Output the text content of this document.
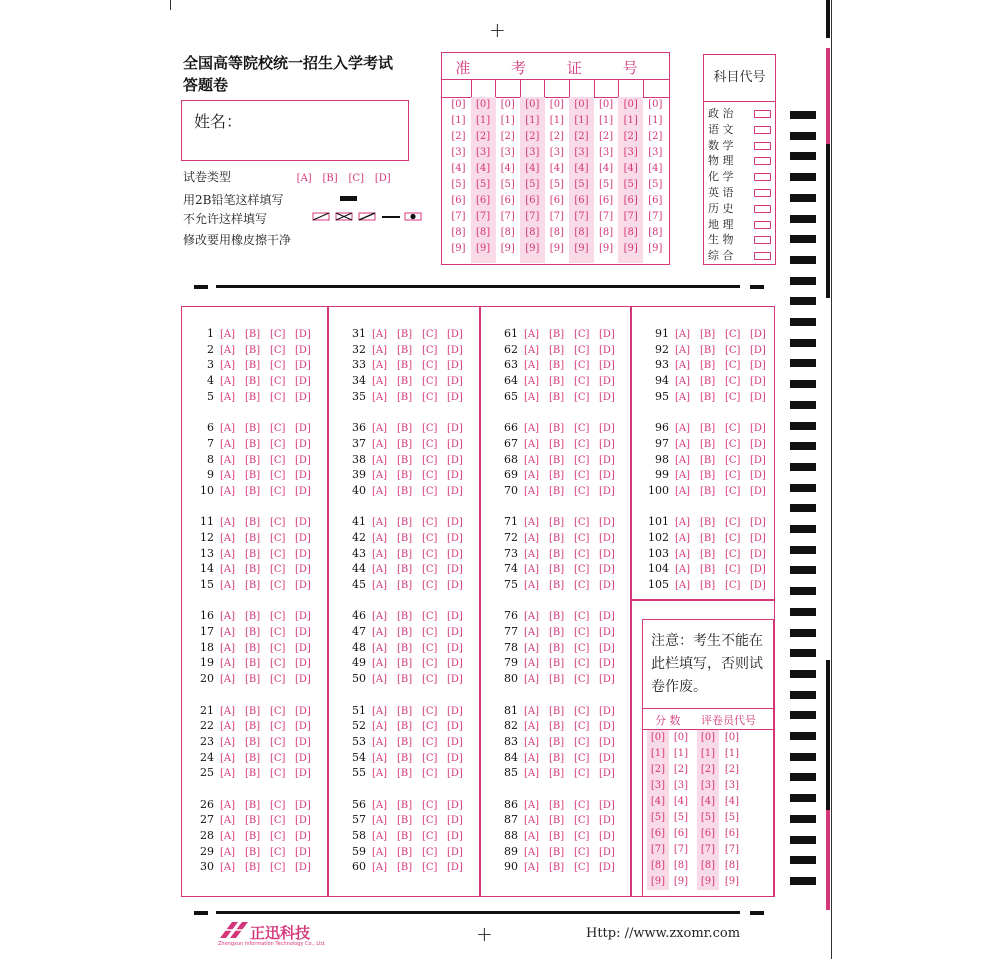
+
+
全国高等院校统一招生入学考试
答题卷
姓名：
试卷类型	[A] [B] [C] [D]
用2B铅笔这样填写
不允许这样填写
修改要用橡皮擦干净
准 考 证 号
[0]
[1]
[2]
[3]
[4]
[5]
[6]
[7]
[8]
[9]
[0]
[1]
[2]
[3]
[4]
[5]
[6]
[7]
[8]
[9]
[0]
[1]
[2]
[3]
[4]
[5]
[6]
[7]
[8]
[9]
[0]
[1]
[2]
[3]
[4]
[5]
[6]
[7]
[8]
[9]
[0]
[1]
[2]
[3]
[4]
[5]
[6]
[7]
[8]
[9]
[0]
[1]
[2]
[3]
[4]
[5]
[6]
[7]
[8]
[9]
[0]
[1]
[2]
[3]
[4]
[5]
[6]
[7]
[8]
[9]
[0]
[1]
[2]
[3]
[4]
[5]
[6]
[7]
[8]
[9]
[0]
[1]
[2]
[3]
[4]
[5]
[6]
[7]
[8]
[9]
科目代号
政 治
语 文
数 学
物 理
化 学
英 语
历 史
地 理
生 物
综 合
1 [A] [B] [C] [D]
2 [A] [B] [C] [D]
3 [A] [B] [C] [D]
4 [A] [B] [C] [D]
5 [A] [B] [C] [D]
6 [A] [B] [C] [D]
7 [A] [B] [C] [D]
8 [A] [B] [C] [D]
9 [A] [B] [C] [D]
10 [A] [B] [C] [D]
11 [A] [B] [C] [D]
12 [A] [B] [C] [D]
13 [A] [B] [C] [D]
14 [A] [B] [C] [D]
15 [A] [B] [C] [D]
16 [A] [B] [C] [D]
17 [A] [B] [C] [D]
18 [A] [B] [C] [D]
19 [A] [B] [C] [D]
20 [A] [B] [C] [D]
21 [A] [B] [C] [D]
22 [A] [B] [C] [D]
23 [A] [B] [C] [D]
24 [A] [B] [C] [D]
25 [A] [B] [C] [D]
26 [A] [B] [C] [D]
27 [A] [B] [C] [D]
28 [A] [B] [C] [D]
29 [A] [B] [C] [D]
30 [A] [B] [C] [D]
31 [A] [B] [C] [D]
32 [A] [B] [C] [D]
33 [A] [B] [C] [D]
34 [A] [B] [C] [D]
35 [A] [B] [C] [D]
36 [A] [B] [C] [D]
37 [A] [B] [C] [D]
38 [A] [B] [C] [D]
39 [A] [B] [C] [D]
40 [A] [B] [C] [D]
41 [A] [B] [C] [D]
42 [A] [B] [C] [D]
43 [A] [B] [C] [D]
44 [A] [B] [C] [D]
45 [A] [B] [C] [D]
46 [A] [B] [C] [D]
47 [A] [B] [C] [D]
48 [A] [B] [C] [D]
49 [A] [B] [C] [D]
50 [A] [B] [C] [D]
51 [A] [B] [C] [D]
52 [A] [B] [C] [D]
53 [A] [B] [C] [D]
54 [A] [B] [C] [D]
55 [A] [B] [C] [D]
56 [A] [B] [C] [D]
57 [A] [B] [C] [D]
58 [A] [B] [C] [D]
59 [A] [B] [C] [D]
60 [A] [B] [C] [D]
61 [A] [B] [C] [D]
62 [A] [B] [C] [D]
63 [A] [B] [C] [D]
64 [A] [B] [C] [D]
65 [A] [B] [C] [D]
66 [A] [B] [C] [D]
67 [A] [B] [C] [D]
68 [A] [B] [C] [D]
69 [A] [B] [C] [D]
70 [A] [B] [C] [D]
71 [A] [B] [C] [D]
72 [A] [B] [C] [D]
73 [A] [B] [C] [D]
74 [A] [B] [C] [D]
75 [A] [B] [C] [D]
76 [A] [B] [C] [D]
77 [A] [B] [C] [D]
78 [A] [B] [C] [D]
79 [A] [B] [C] [D]
80 [A] [B] [C] [D]
81 [A] [B] [C] [D]
82 [A] [B] [C] [D]
83 [A] [B] [C] [D]
84 [A] [B] [C] [D]
85 [A] [B] [C] [D]
86 [A] [B] [C] [D]
87 [A] [B] [C] [D]
88 [A] [B] [C] [D]
89 [A] [B] [C] [D]
90 [A] [B] [C] [D]
91 [A] [B] [C] [D]
92 [A] [B] [C] [D]
93 [A] [B] [C] [D]
94 [A] [B] [C] [D]
95 [A] [B] [C] [D]
96 [A] [B] [C] [D]
97 [A] [B] [C] [D]
98 [A] [B] [C] [D]
99 [A] [B] [C] [D]
100 [A] [B] [C] [D]
101 [A] [B] [C] [D]
102 [A] [B] [C] [D]
103 [A] [B] [C] [D]
104 [A] [B] [C] [D]
105 [A] [B] [C] [D]
注意：考生不能在此栏填写，否则试卷作废。
分 数 评卷员代号
[0]
[1]
[2]
[3]
[4]
[5]
[6]
[7]
[8]
[9]
[0]
[1]
[2]
[3]
[4]
[5]
[6]
[7]
[8]
[9]
[0]
[1]
[2]
[3]
[4]
[5]
[6]
[7]
[8]
[9]
[0]
[1]
[2]
[3]
[4]
[5]
[6]
[7]
[8]
[9]
正迅科技
Zhengxun Information Technology Co., Ltd.
Http: //www.zxomr.com
